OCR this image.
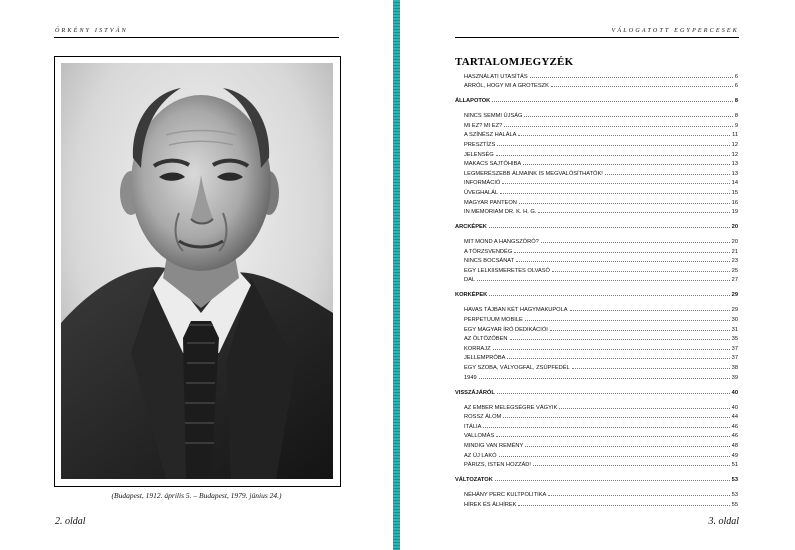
ÖRKÉNY ISTVÁN
(Budapest, 1912. április 5. – Budapest, 1979. június 24.)
2. oldal
VÁLOGATOTT EGYPERCESEK
TARTALOMJEGYZÉK
HASZNÁLATI UTASÍTÁS	6
ARRÓL, HOGY MI A GROTESZK	6
ÁLLAPOTOK	8
NINCS SEMMI ÚJSÁG	8
MI EZ? MI EZ?	9
A SZÍNÉSZ HALÁLA	11
PRESZTÍZS	12
JELENSÉG	12
MAKACS SAJTÓHIBA	13
LEGMERÉSZEBB ÁLMAINK IS MEGVALÓSÍTHATÓK!	13
INFORMÁCIÓ	14
ÜVEGHALÁL	15
MAGYAR PANTEON	16
IN MEMORIAM DR. K. H. G.	19
ARCKÉPEK	20
MIT MOND A HANGSZÓRÓ?	20
A TÖRZSVENDÉG	21
NINCS BOCSÁNAT	23
EGY LELKIISMERETES OLVASÓ	25
DAL	27
KORKÉPEK	29
HAVAS TÁJBAN KÉT HAGYMAKUPOLA	29
PERPETUUM MOBILE	30
EGY MAGYAR ÍRÓ DEDIKÁCIÓI	31
AZ ÖLTÖZŐBEN	35
KORRAJZ	37
JELLEMPRÓBA	37
EGY SZOBA, VÁLYOGFAL, ZSÚPFEDÉL	38
1949	39
VISSZÁJÁRÓL	40
AZ EMBER MELEGSÉGRE VÁGYIK	40
ROSSZ ÁLOM	44
ITÁLIA	46
VALLOMÁS	46
MINDIG VAN REMÉNY	48
AZ ÚJ LAKÓ	49
PÁRIZS, ISTEN HOZZÁD!	51
VÁLTOZATOK	53
NÉHÁNY PERC KULTPOLITIKA	53
HÍREK ÉS ÁLHÍREK	55
3. oldal
